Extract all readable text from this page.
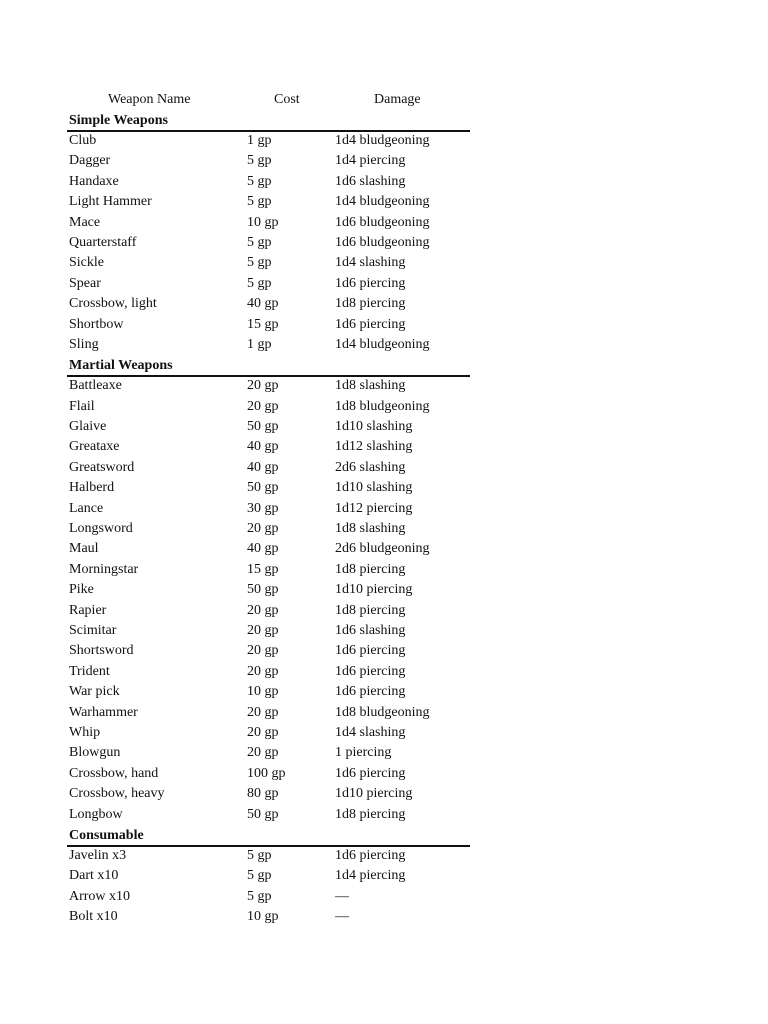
Weapon Name	Cost	Damage
Simple Weapons
Club	1 gp	1d4 bludgeoning
Dagger	5 gp	1d4 piercing
Handaxe	5 gp	1d6 slashing
Light Hammer	5 gp	1d4 bludgeoning
Mace	10 gp	1d6 bludgeoning
Quarterstaff	5 gp	1d6 bludgeoning
Sickle	5 gp	1d4 slashing
Spear	5 gp	1d6 piercing
Crossbow, light	40 gp	1d8 piercing
Shortbow	15 gp	1d6 piercing
Sling	1 gp	1d4 bludgeoning
Martial Weapons
Battleaxe	20 gp	1d8 slashing
Flail	20 gp	1d8 bludgeoning
Glaive	50 gp	1d10 slashing
Greataxe	40 gp	1d12 slashing
Greatsword	40 gp	2d6 slashing
Halberd	50 gp	1d10 slashing
Lance	30 gp	1d12 piercing
Longsword	20 gp	1d8 slashing
Maul	40 gp	2d6 bludgeoning
Morningstar	15 gp	1d8 piercing
Pike	50 gp	1d10 piercing
Rapier	20 gp	1d8 piercing
Scimitar	20 gp	1d6 slashing
Shortsword	20 gp	1d6 piercing
Trident	20 gp	1d6 piercing
War pick	10 gp	1d6 piercing
Warhammer	20 gp	1d8 bludgeoning
Whip	20 gp	1d4 slashing
Blowgun	20 gp	1 piercing
Crossbow, hand	100 gp	1d6 piercing
Crossbow, heavy	80 gp	1d10 piercing
Longbow	50 gp	1d8 piercing
Consumable
Javelin x3	5 gp	1d6 piercing
Dart x10	5 gp	1d4 piercing
Arrow x10	5 gp	—
Bolt x10	10 gp	—
